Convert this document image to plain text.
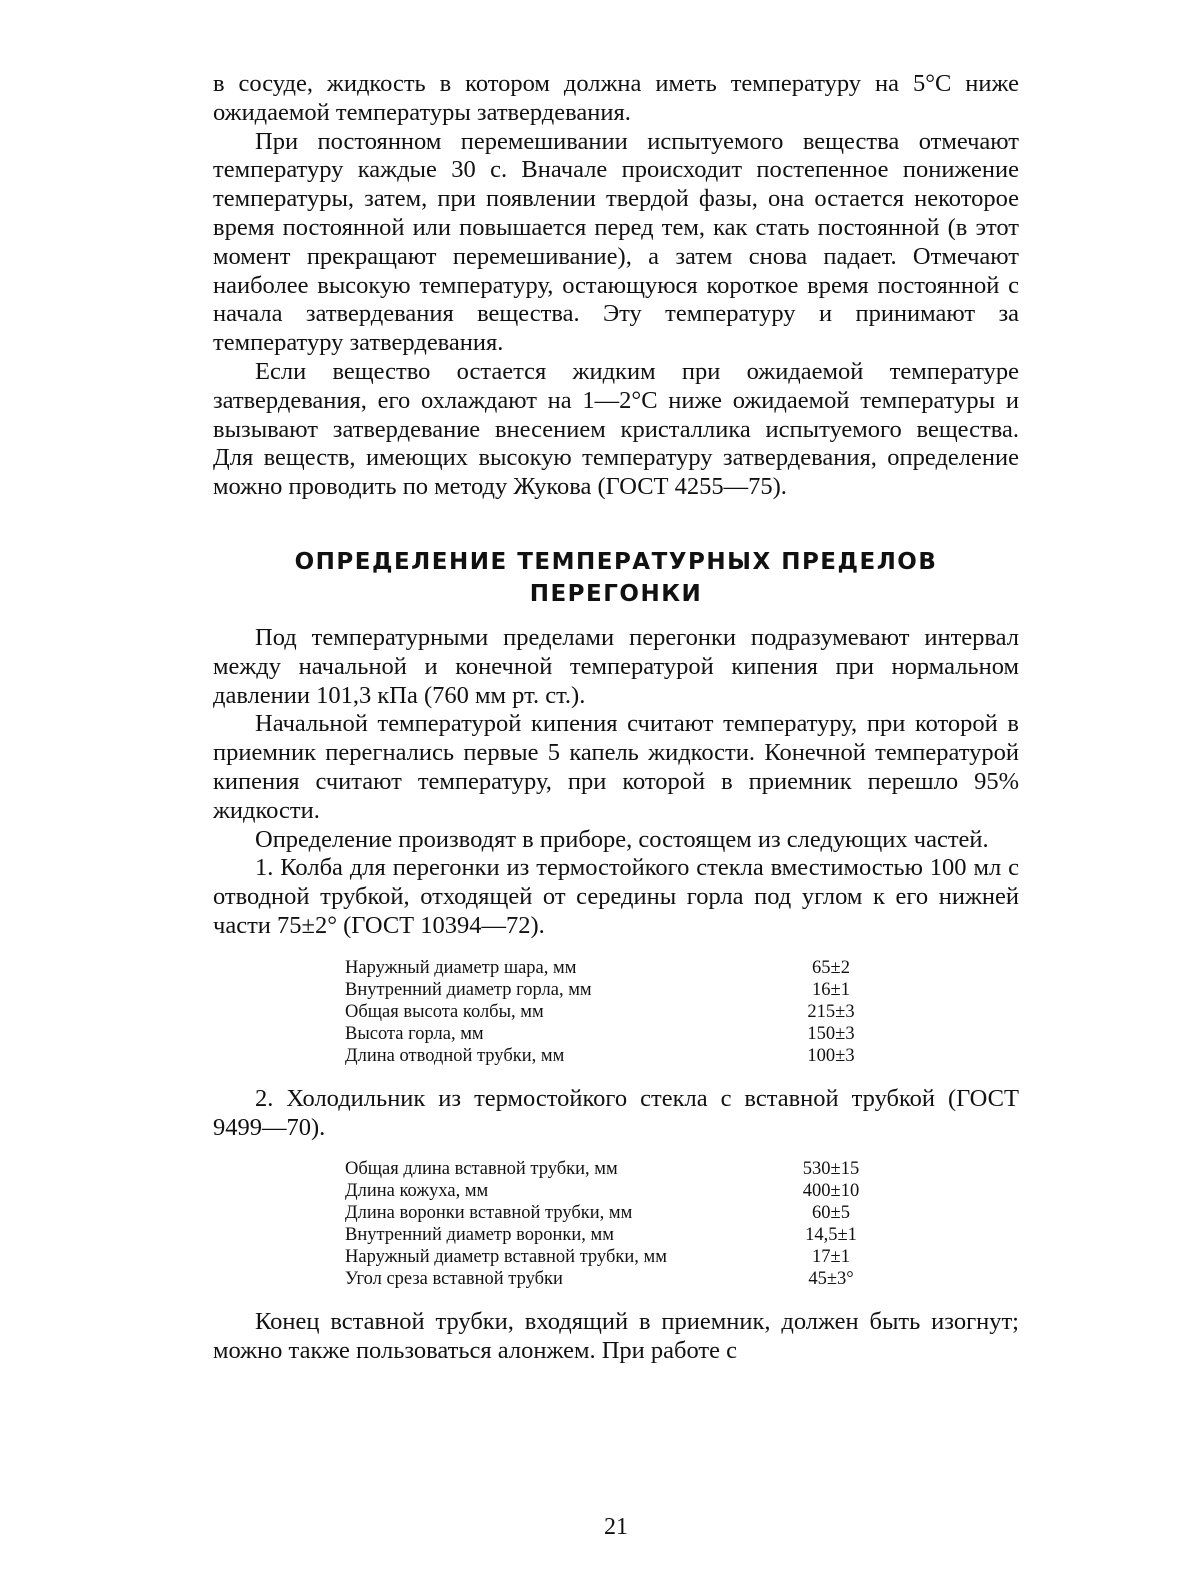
в сосуде, жидкость в котором должна иметь температуру на 5°С ниже ожидаемой температуры затвердевания.

При постоянном перемешивании испытуемого вещества отмечают температуру каждые 30 с. Вначале происходит постепенное понижение температуры, затем, при появлении твердой фазы, она остается некоторое время постоянной или повышается перед тем, как стать постоянной (в этот момент прекращают перемешивание), а затем снова падает. Отмечают наиболее высокую температуру, остающуюся короткое время постоянной с начала затвердевания вещества. Эту температуру и принимают за температуру затвердевания.

Если вещество остается жидким при ожидаемой температуре затвердевания, его охлаждают на 1—2°С ниже ожидаемой температуры и вызывают затвердевание внесением кристаллика испытуемого вещества. Для веществ, имеющих высокую температуру затвердевания, определение можно проводить по методу Жукова (ГОСТ 4255—75).

ОПРЕДЕЛЕНИЕ ТЕМПЕРАТУРНЫХ ПРЕДЕЛОВ
ПЕРЕГОНКИ

Под температурными пределами перегонки подразумевают интервал между начальной и конечной температурой кипения при нормальном давлении 101,3 кПа (760 мм рт. ст.).

Начальной температурой кипения считают температуру, при которой в приемник перегнались первые 5 капель жидкости. Конечной температурой кипения считают температуру, при которой в приемник перешло 95% жидкости.

Определение производят в приборе, состоящем из следующих частей.

1. Колба для перегонки из термостойкого стекла вместимостью 100 мл с отводной трубкой, отходящей от середины горла под углом к его нижней части 75±2° (ГОСТ 10394—72).

Наружный диаметр шара, мм	65±2
Внутренний диаметр горла, мм	16±1
Общая высота колбы, мм	215±3
Высота горла, мм	150±3
Длина отводной трубки, мм	100±3

2. Холодильник из термостойкого стекла с вставной трубкой (ГОСТ 9499—70).

Общая длина вставной трубки, мм	530±15
Длина кожуха, мм	400±10
Длина воронки вставной трубки, мм	60±5
Внутренний диаметр воронки, мм	14,5±1
Наружный диаметр вставной трубки, мм	17±1
Угол среза вставной трубки	45±3°

Конец вставной трубки, входящий в приемник, должен быть изогнут; можно также пользоваться алонжем. При работе с

21
